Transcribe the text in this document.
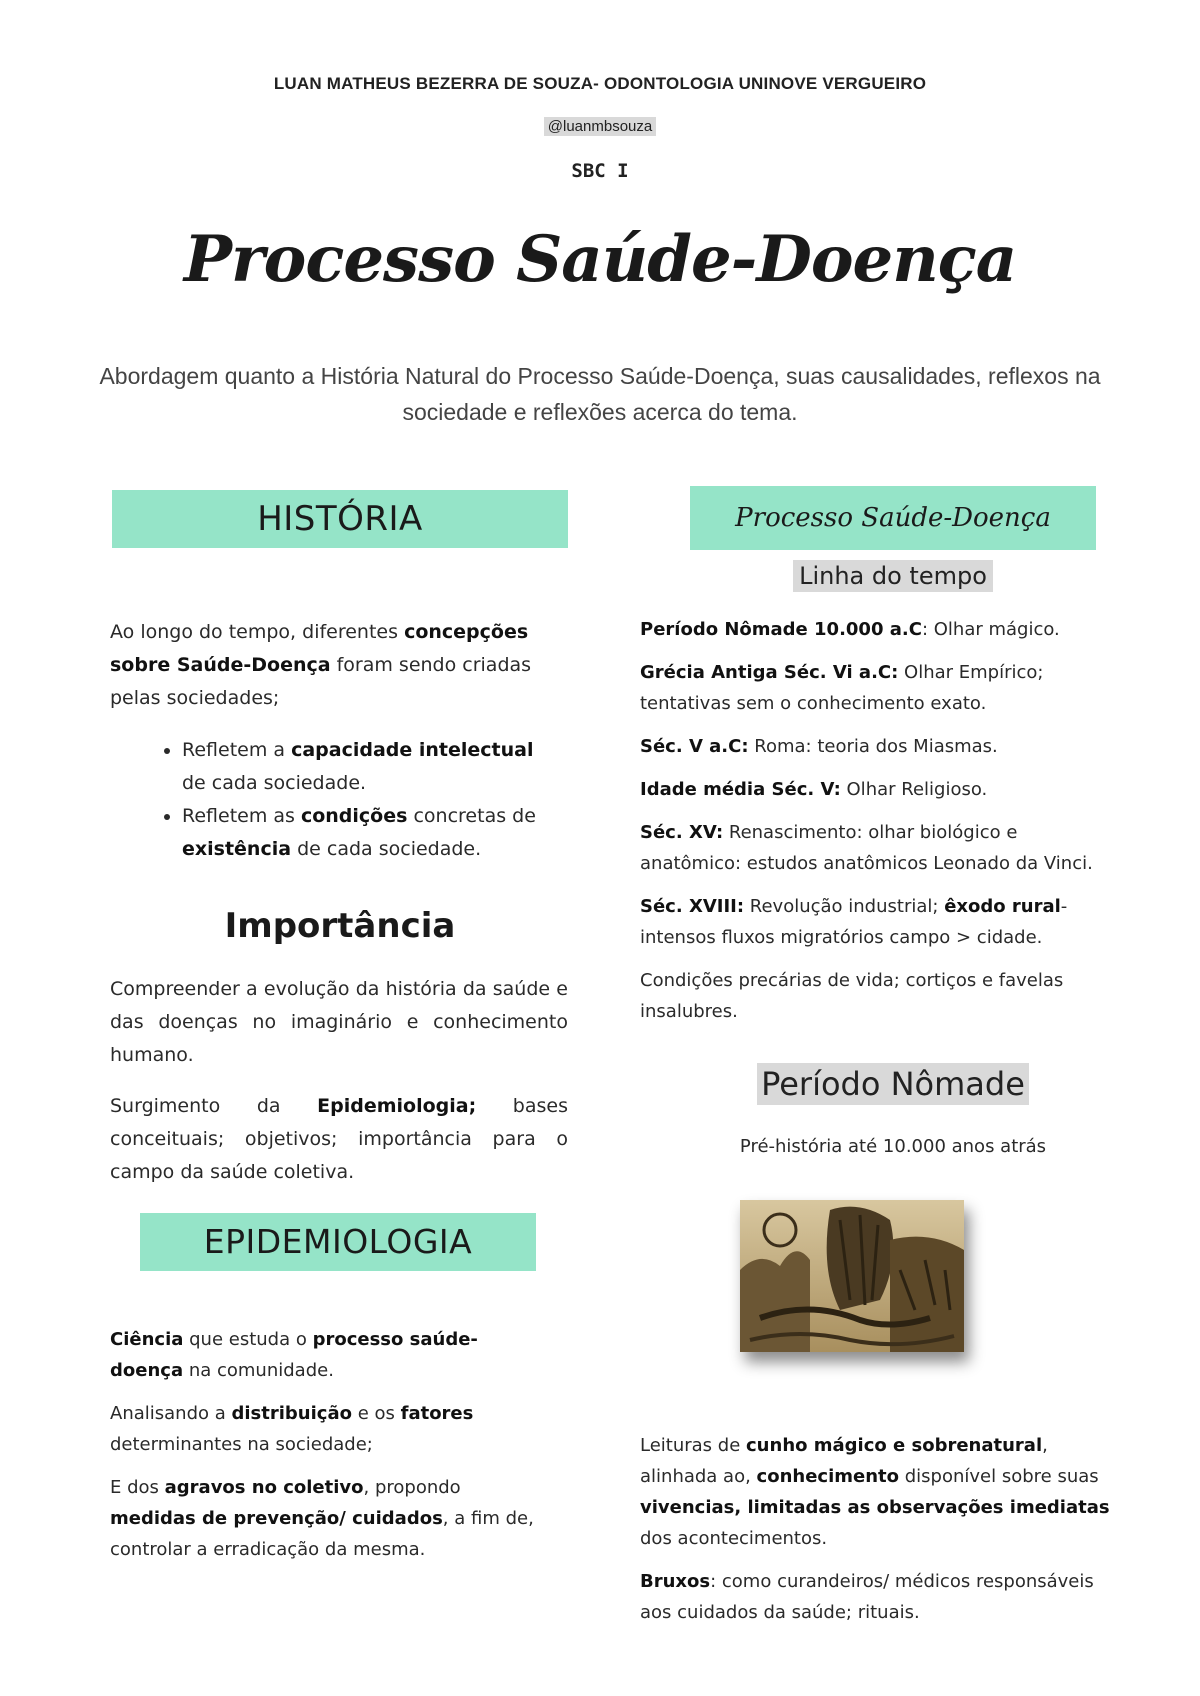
LUAN MATHEUS BEZERRA DE SOUZA- ODONTOLOGIA UNINOVE VERGUEIRO
@luanmbsouza
SBC I
Processo Saúde-Doença
Abordagem quanto a História Natural do Processo Saúde-Doença, suas causalidades, reflexos na sociedade e reflexões acerca do tema.
HISTÓRIA

Ao longo do tempo, diferentes concepções sobre Saúde-Doença foram sendo criadas pelas sociedades;

• Refletem a capacidade intelectual de cada sociedade.
• Refletem as condições concretas de existência de cada sociedade.
Importância
Compreender a evolução da história da saúde e das doenças no imaginário e conhecimento humano.
Surgimento da Epidemiologia; bases conceituais; objetivos; importância para o campo da saúde coletiva.
EPIDEMIOLOGIA

Ciência que estuda o processo saúde-doença na comunidade.

Analisando a distribuição e os fatores determinantes na sociedade;

E dos agravos no coletivo, propondo medidas de prevenção/ cuidados, a fim de, controlar a erradicação da mesma.

Processo Saúde-Doença
Linha do tempo

Período Nômade 10.000 a.C: Olhar mágico.

Grécia Antiga Séc. Vi a.C: Olhar Empírico; tentativas sem o conhecimento exato.

Séc. V a.C: Roma: teoria dos Miasmas.

Idade média Séc. V: Olhar Religioso.

Séc. XV: Renascimento: olhar biológico e anatômico: estudos anatômicos Leonado da Vinci.

Séc. XVIII: Revolução industrial; êxodo rural- intensos fluxos migratórios campo > cidade.

Condições precárias de vida; cortiços e favelas insalubres.

Período Nômade
Pré-história até 10.000 anos atrás

Leituras de cunho mágico e sobrenatural, alinhada ao, conhecimento disponível sobre suas vivencias, limitadas as observações imediatas dos acontecimentos.

Bruxos: como curandeiros/ médicos responsáveis aos cuidados da saúde; rituais.
